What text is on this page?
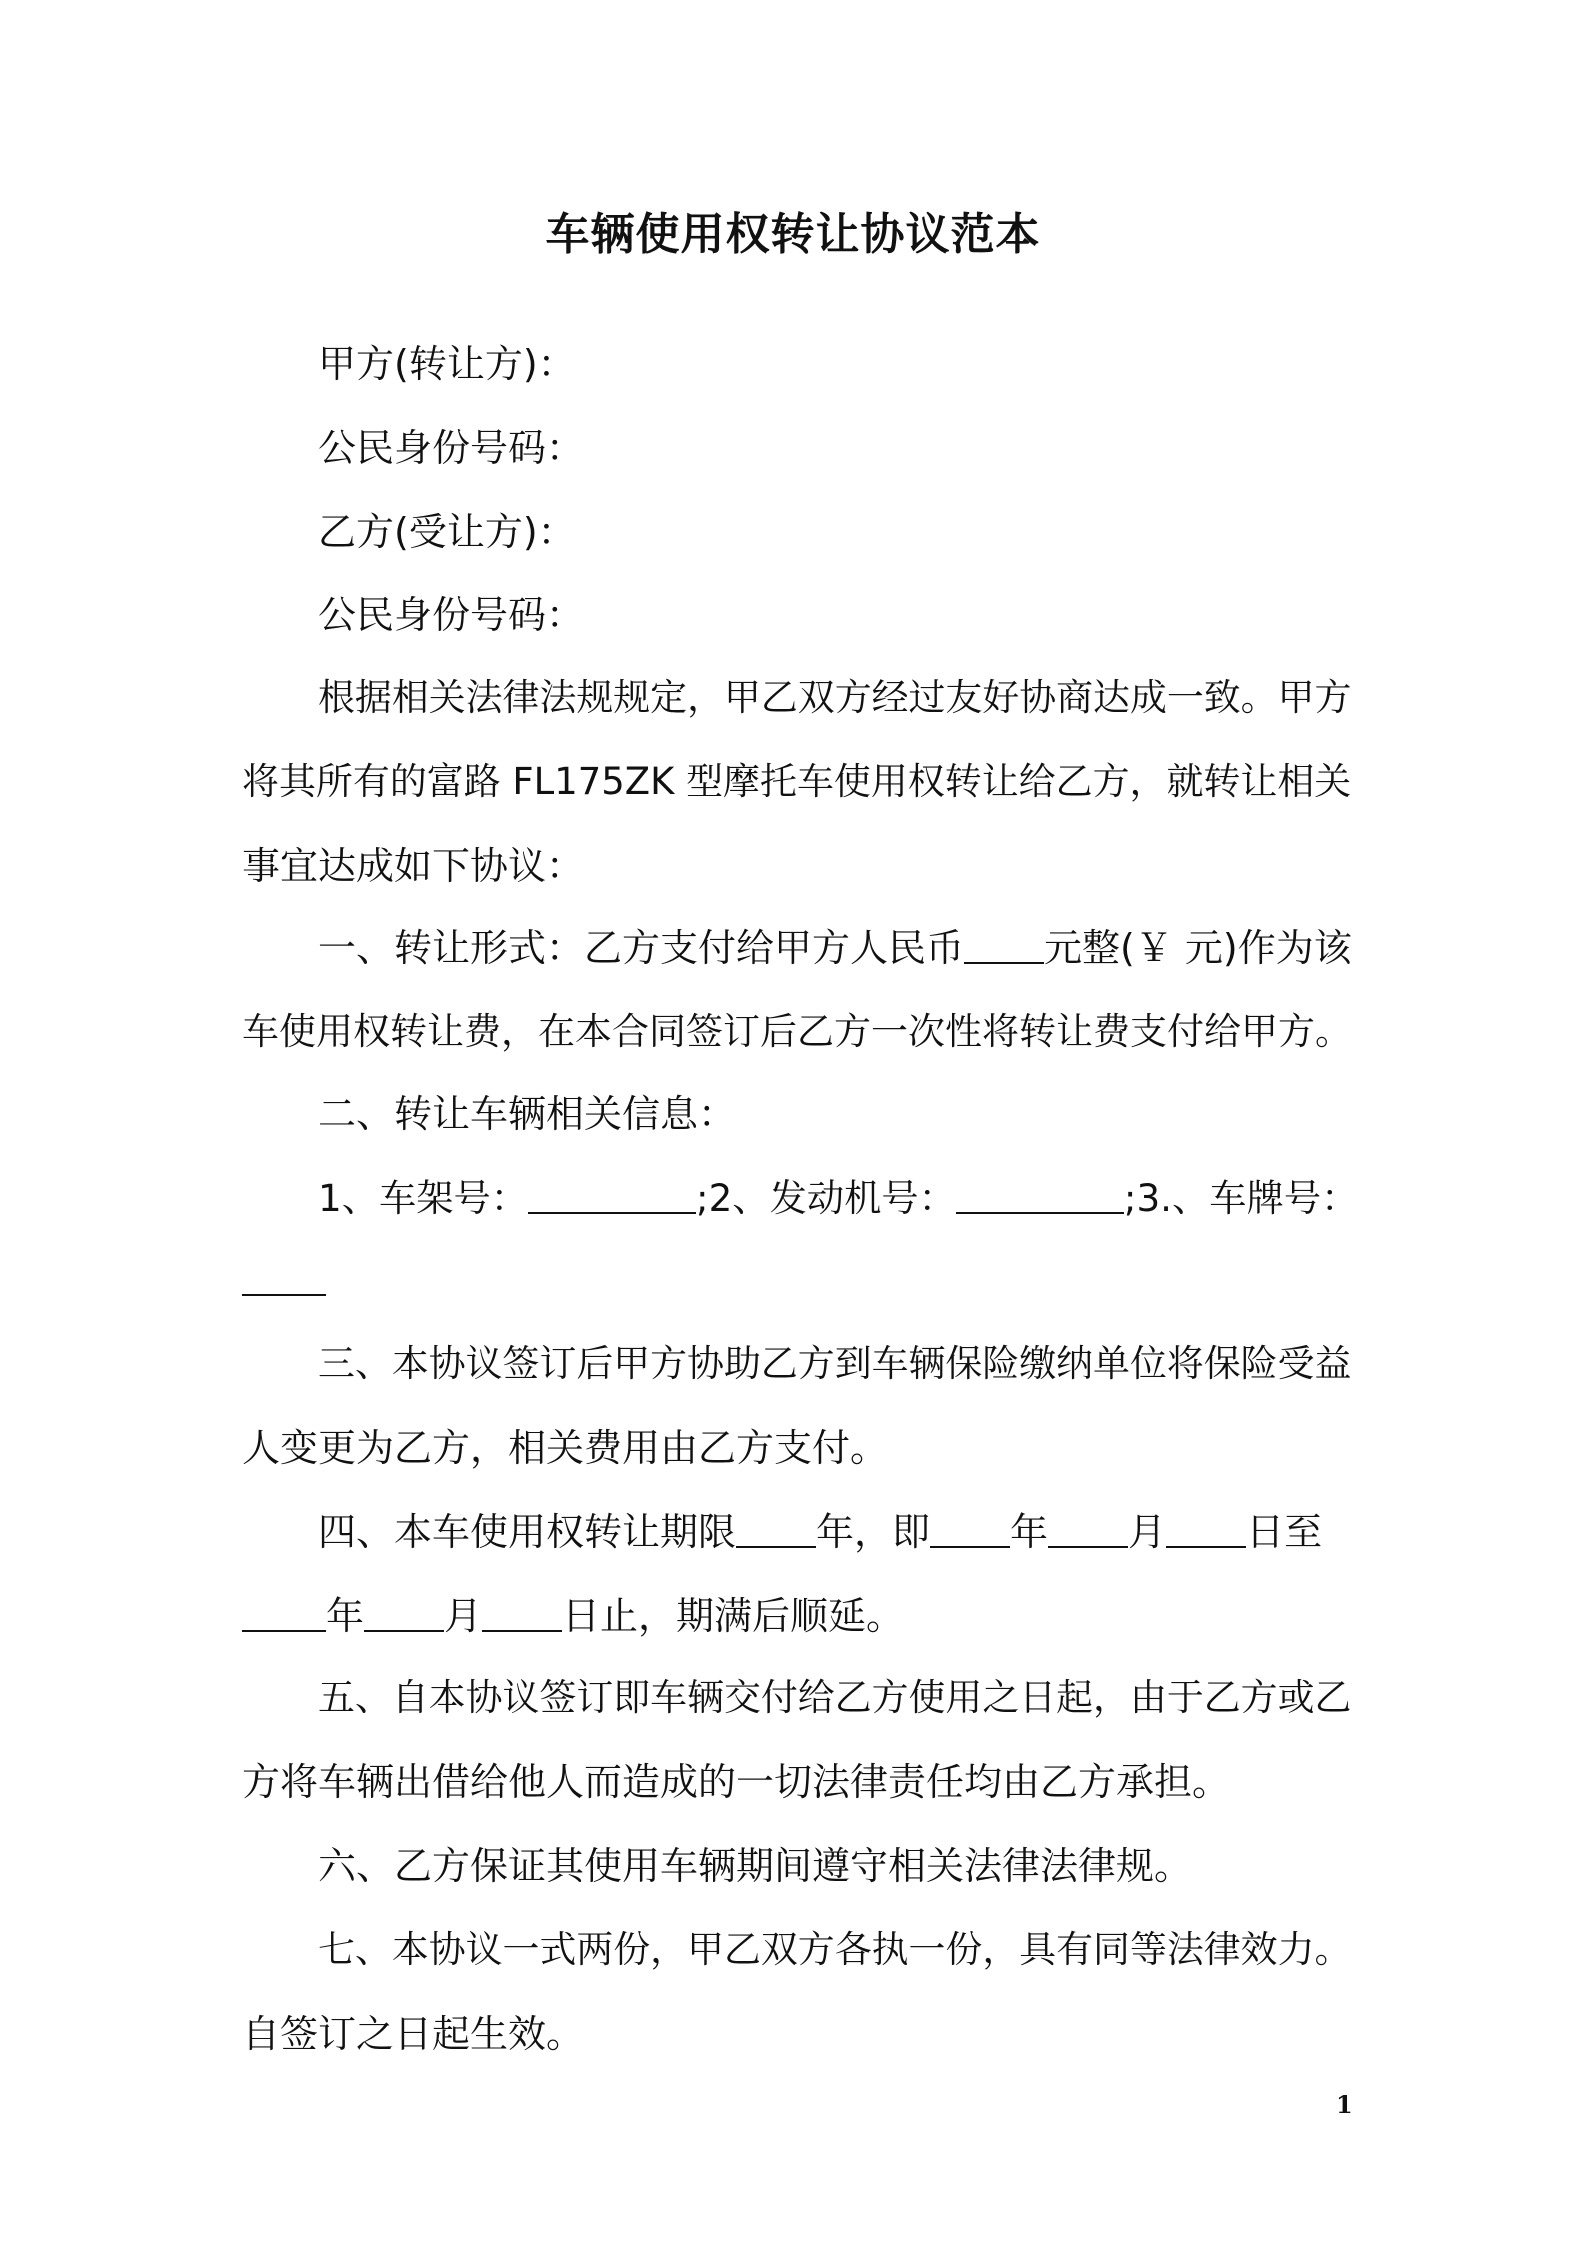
车辆使用权转让协议范本
甲方(转让方)：
公民身份号码：
乙方(受让方)：
公民身份号码：
根据相关法律法规规定，甲乙双方经过友好协商达成一致。甲方
将其所有的富路 FL175ZK 型摩托车使用权转让给乙方，就转让相关
事宜达成如下协议：
一、转让形式：乙方支付给甲方人民币 元整(￥ 元)作为该
车使用权转让费，在本合同签订后乙方一次性将转让费支付给甲方。
二、转让车辆相关信息：
1、车架号：	;2、发动机号：	;3.、车牌号：
三、本协议签订后甲方协助乙方到车辆保险缴纳单位将保险受益
人变更为乙方，相关费用由乙方支付。
四、本车使用权转让期限 年，即 年 月 日至
年 月 日止，期满后顺延。
五、自本协议签订即车辆交付给乙方使用之日起，由于乙方或乙
方将车辆出借给他人而造成的一切法律责任均由乙方承担。
六、乙方保证其使用车辆期间遵守相关法律法律规。
七、本协议一式两份，甲乙双方各执一份，具有同等法律效力。
自签订之日起生效。
1
